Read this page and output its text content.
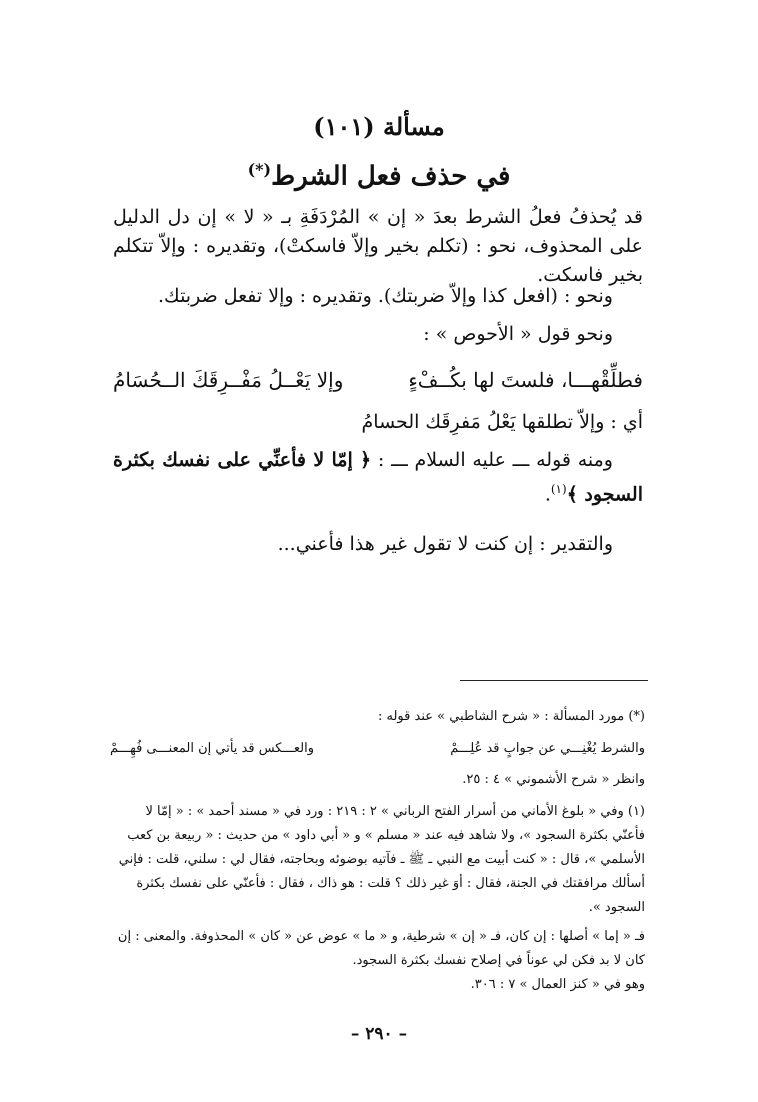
مسألة (١٠١)
في حذف فعل الشرط(*)
قد يُحذفُ فعلُ الشرط بعدَ « إن » المُرْدَفَةِ بـ « لا » إن دل الدليل على المحذوف، نحو : (تكلم بخير وإلاّ فاسكتْ)، وتقديره : وإلاّ تتكلم بخير فاسكت.
ونحو : (افعل كذا وإلاّ ضربتك). وتقديره : وإلا تفعل ضربتك.
ونحو قول « الأحوص » :
فطلِّقْهـــا، فلستَ لها بكُــفْءٍ
وإلا يَعْــلُ مَفْــرِقَكَ الــحُسَامُ
أي : وإلاّ تطلقها يَعْلُ مَفرِقَك الحسامُ
ومنه قوله ـــ عليه السلام ـــ : ﴿ إمّا لا فأعنِّي على نفسك بكثرة السجود ﴾$^{(١)}$.
والتقدير : إن كنت لا تقول غير هذا فأعني...
(*) مورد المسألة : « شرح الشاطبي » عند قوله :
والشرط يُغْنِـــي عن جوابٍ قد عُلِـــمْ
والعـــكس قد يأتي إن المعنـــى فُهِـــمْ
وانظر « شرح الأشموني » ٤ : ٢٥.
(١) وفي « بلوغ الأماني من أسرار الفتح الرباني » ٢ : ٢١٩ : ورد في « مسند أحمد » : « إمّا لا فأعنّي بكثرة السجود »، ولا شاهد فيه عند « مسلم » و « أبي داود » من حديث : « ربيعة بن كعب الأسلمي »، قال : « كنت أبيت مع النبي ـ ﷺ ـ فآتيه بوضوئه وبحاجته، فقال لي : سلني، قلت : فإني أسألك مرافقتك في الجنة، فقال : أوَ غير ذلك ؟ قلت : هو ذاك ، فقال : فأعنّي على نفسك بكثرة السجود ».
فـ « إما » أصلها : إن كان، فـ « إن » شرطية، و « ما » عوض عن « كان » المحذوفة. والمعنى : إن كان لا بد فكن لي عوناً في إصلاح نفسك بكثرة السجود.
وهو في « كنز العمال » ٧ : ٣٠٦.
– ٢٩٠ –
